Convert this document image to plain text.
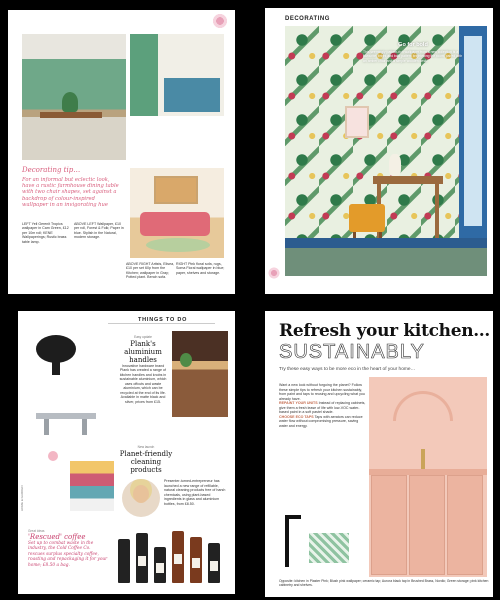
Decorating tip…
For an informal but eclectic look, have a rustic farmhouse dining table with two chair shapes, set against a backdrop of colour-inspired wallpaper in an invigorating hue
LEFT Yell Gerenit Tropics wallpaper in Cam Green, £12 per 10m roll; KENE Wallpaperings; Rustic brass table lamp.
ABOVE LEFT Wallpaper, £10 per roll, Forest & Folk; Paper in blue. Stylish in the Natural, modern storage.
ABOVE RIGHT Artists, Elisea, £10 per set 60p from the Kitchen; wallpaper in Gray; Potted plant. Bench sofa.
RIGHT Pink floral sofa, rugs, Soma Floral wallpaper in blue; paper, shelves and storage.
DECORATING
Go for bold
This seemingly pattern-rich wallpaper from a new collection is a favourite, bright and bold pattern brightening the room, paired with an amber chair and a simple wooden desk.
THINGS TO DO
Easy update
Plank's aluminium handles
Innovative hardware brand Plank has created a range of kitchen handles and knobs in sustainable aluminium, which uses offcuts and waste aluminium, which can be recycled at the end of its life. Available in matte black and silver, prices from £15.
New launch
Planet-friendly cleaning products
Presenter-turned-entrepreneur has launched a new range of refillable, natural cleaning products free of harsh chemicals, using plant-based ingredients in glass and aluminium bottles, from £8.50.
Great ideas
'Rescued' coffee
Set up to combat waste in the industry, the Cold Coffee Co. rescues surplus specialty coffee, roasting and repackaging it for your home; £8.50 a bag.
HOME & GARDEN
Refresh your kitchen…
SUSTAINABLY
Try these easy ways to be more eco in the heart of your home…

Want a new look without forgoing the planet? Follow these simple tips to refresh your kitchen sustainably, from paint and taps to reusing and upcycling what you already have.

REPAINT YOUR UNITS Instead of replacing cabinets, give them a fresh lease of life with low-VOC water-based paint in a soft pastel shade.

CHOOSE ECO TAPS Taps with aerators can reduce water flow without compromising pressure, saving water and energy.

Opposite: kitchen in Plaster Pink; Blush pink wallpaper; ceramic tap; Aurora black tap in Brushed Brass, Nordic; Green storage; pink kitchen cabinetry and shelves.
